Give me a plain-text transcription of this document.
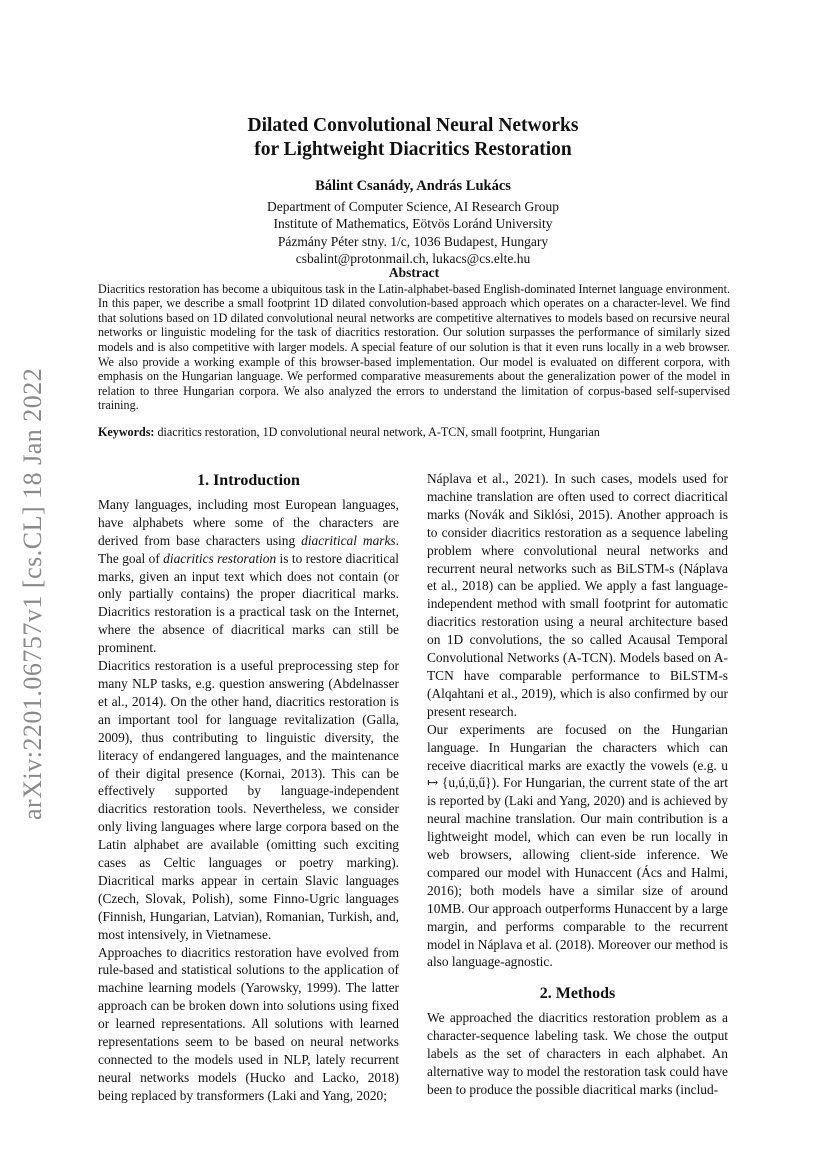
arXiv:2201.06757v1 [cs.CL] 18 Jan 2022
Dilated Convolutional Neural Networks
for Lightweight Diacritics Restoration
Bálint Csanády, András Lukács
Department of Computer Science, AI Research Group
Institute of Mathematics, Eötvös Loránd University
Pázmány Péter stny. 1/c, 1036 Budapest, Hungary
csbalint@protonmail.ch, lukacs@cs.elte.hu
Abstract

Diacritics restoration has become a ubiquitous task in the Latin-alphabet-based English-dominated Internet language environment. In this paper, we describe a small footprint 1D dilated convolution-based approach which operates on a character-level. We find that solutions based on 1D dilated convolutional neural networks are competitive alternatives to models based on recursive neural networks or linguistic modeling for the task of diacritics restoration. Our solution surpasses the performance of similarly sized models and is also competitive with larger models. A special feature of our solution is that it even runs locally in a web browser. We also provide a working example of this browser-based implementation. Our model is evaluated on different corpora, with emphasis on the Hungarian language. We performed comparative measurements about the generalization power of the model in relation to three Hungarian corpora. We also analyzed the errors to understand the limitation of corpus-based self-supervised training.

Keywords: diacritics restoration, 1D convolutional neural network, A-TCN, small footprint, Hungarian

1. Introduction

Many languages, including most European languages, have alphabets where some of the characters are derived from base characters using diacritical marks. The goal of diacritics restoration is to restore diacritical marks, given an input text which does not contain (or only partially contains) the proper diacritical marks. Diacritics restoration is a practical task on the Internet, where the absence of diacritical marks can still be prominent.

Diacritics restoration is a useful preprocessing step for many NLP tasks, e.g. question answering (Abdelnasser et al., 2014). On the other hand, diacritics restoration is an important tool for language revitalization (Galla, 2009), thus contributing to linguistic diversity, the literacy of endangered languages, and the maintenance of their digital presence (Kornai, 2013). This can be effectively supported by language-independent diacritics restoration tools. Nevertheless, we consider only living languages where large corpora based on the Latin alphabet are available (omitting such exciting cases as Celtic languages or poetry marking). Diacritical marks appear in certain Slavic languages (Czech, Slovak, Polish), some Finno-Ugric languages (Finnish, Hungarian, Latvian), Romanian, Turkish, and, most intensively, in Vietnamese.

Approaches to diacritics restoration have evolved from rule-based and statistical solutions to the application of machine learning models (Yarowsky, 1999). The latter approach can be broken down into solutions using fixed or learned representations. All solutions with learned representations seem to be based on neural networks connected to the models used in NLP, lately recurrent neural networks models (Hucko and Lacko, 2018) being replaced by transformers (Laki and Yang, 2020;

Náplava et al., 2021). In such cases, models used for machine translation are often used to correct diacritical marks (Novák and Siklósi, 2015). Another approach is to consider diacritics restoration as a sequence labeling problem where convolutional neural networks and recurrent neural networks such as BiLSTM-s (Náplava et al., 2018) can be applied. We apply a fast language-independent method with small footprint for automatic diacritics restoration using a neural architecture based on 1D convolutions, the so called Acausal Temporal Convolutional Networks (A-TCN). Models based on A-TCN have comparable performance to BiLSTM-s (Alqahtani et al., 2019), which is also confirmed by our present research.

Our experiments are focused on the Hungarian language. In Hungarian the characters which can receive diacritical marks are exactly the vowels (e.g. u ↦ {u,ú,ü,ű}). For Hungarian, the current state of the art is reported by (Laki and Yang, 2020) and is achieved by neural machine translation. Our main contribution is a lightweight model, which can even be run locally in web browsers, allowing client-side inference. We compared our model with Hunaccent (Ács and Halmi, 2016); both models have a similar size of around 10MB. Our approach outperforms Hunaccent by a large margin, and performs comparable to the recurrent model in Náplava et al. (2018). Moreover our method is also language-agnostic.

2. Methods

We approached the diacritics restoration problem as a character-sequence labeling task. We chose the output labels as the set of characters in each alphabet. An alternative way to model the restoration task could have been to produce the possible diacritical marks (includ-
